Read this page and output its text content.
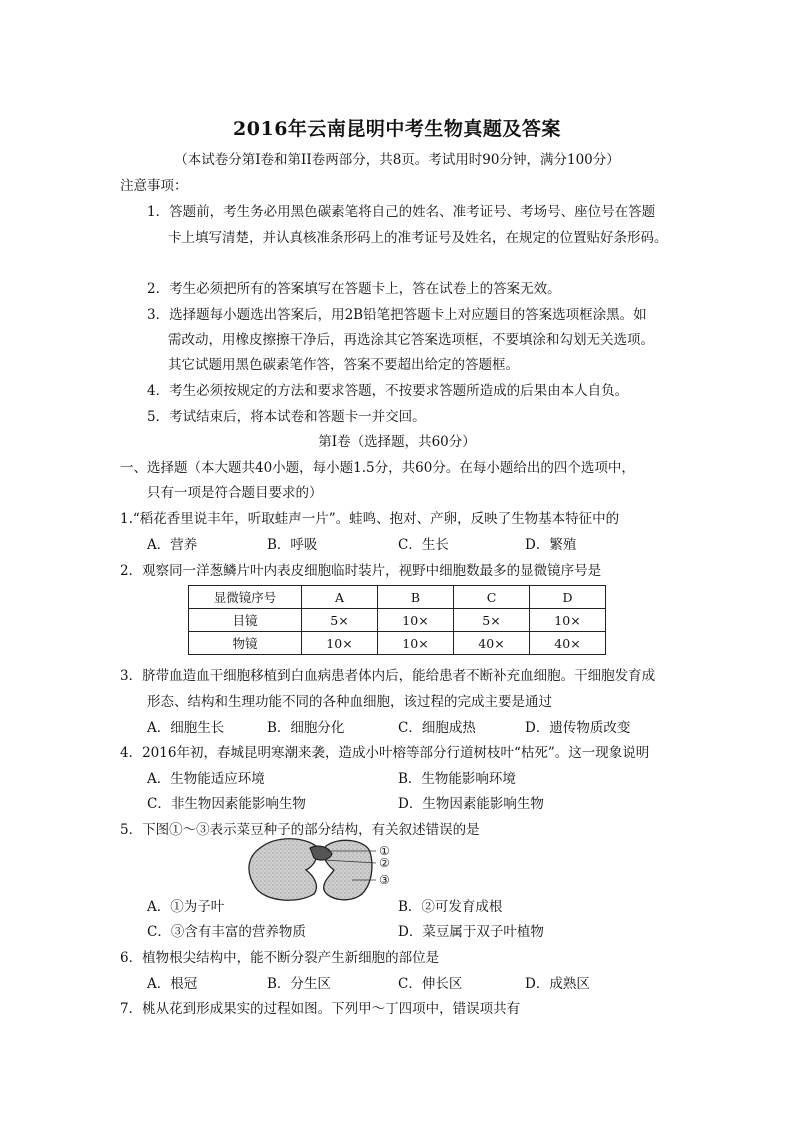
2016年云南昆明中考生物真题及答案
（本试卷分第I卷和第II卷两部分，共8页。考试用时90分钟，满分100分）
注意事项：
1．答题前，考生务必用黑色碳素笔将自己的姓名、准考证号、考场号、座位号在答题
卡上填写清楚，并认真核准条形码上的准考证号及姓名，在规定的位置贴好条形码。
2．考生必须把所有的答案填写在答题卡上，答在试卷上的答案无效。
3．选择题每小题选出答案后，用2B铅笔把答题卡上对应题目的答案选项框涂黑。如
需改动，用橡皮擦擦干净后，再选涂其它答案选项框，不要填涂和勾划无关选项。
其它试题用黑色碳素笔作答，答案不要超出给定的答题框。
4．考生必须按规定的方法和要求答题，不按要求答题所造成的后果由本人自负。
5．考试结束后，将本试卷和答题卡一并交回。
第Ⅰ卷（选择题，共60分）
一、选择题（本大题共40小题，每小题1.5分，共60分。在每小题给出的四个选项中，
只有一项是符合题目要求的）
1.“稻花香里说丰年，听取蛙声一片”。蛙鸣、抱对、产卵，反映了生物基本特征中的
A．营养	B．呼吸	C．生长	D．繁殖
2．观察同一洋葱鳞片叶内表皮细胞临时装片，视野中细胞数最多的显微镜序号是
显微镜序号	A	B	C	D
目镜	5×	10×	5×	10×
物镜	10×	10×	40×	40×
3．脐带血造血干细胞移植到白血病患者体内后，能给患者不断补充血细胞。干细胞发育成
形态、结构和生理功能不同的各种血细胞，该过程的完成主要是通过
A．细胞生长	B．细胞分化	C．细胞成热	D．遗传物质改变
4．2016年初，春城昆明寒潮来袭，造成小叶榕等部分行道树枝叶“枯死”。这一现象说明
A．生物能适应环境	B．生物能影响环境
C．非生物因素能影响生物	D．生物因素能影响生物
5．下图①～③表示菜豆种子的部分结构，有关叙述错误的是
①
②
③
A．①为子叶	B．②可发育成根
C．③含有丰富的营养物质	D．菜豆属于双子叶植物
6．植物根尖结构中，能不断分裂产生新细胞的部位是
A．根冠	B．分生区	C．伸长区	D．成熟区
7．桃从花到形成果实的过程如图。下列甲～丁四项中，错误项共有
